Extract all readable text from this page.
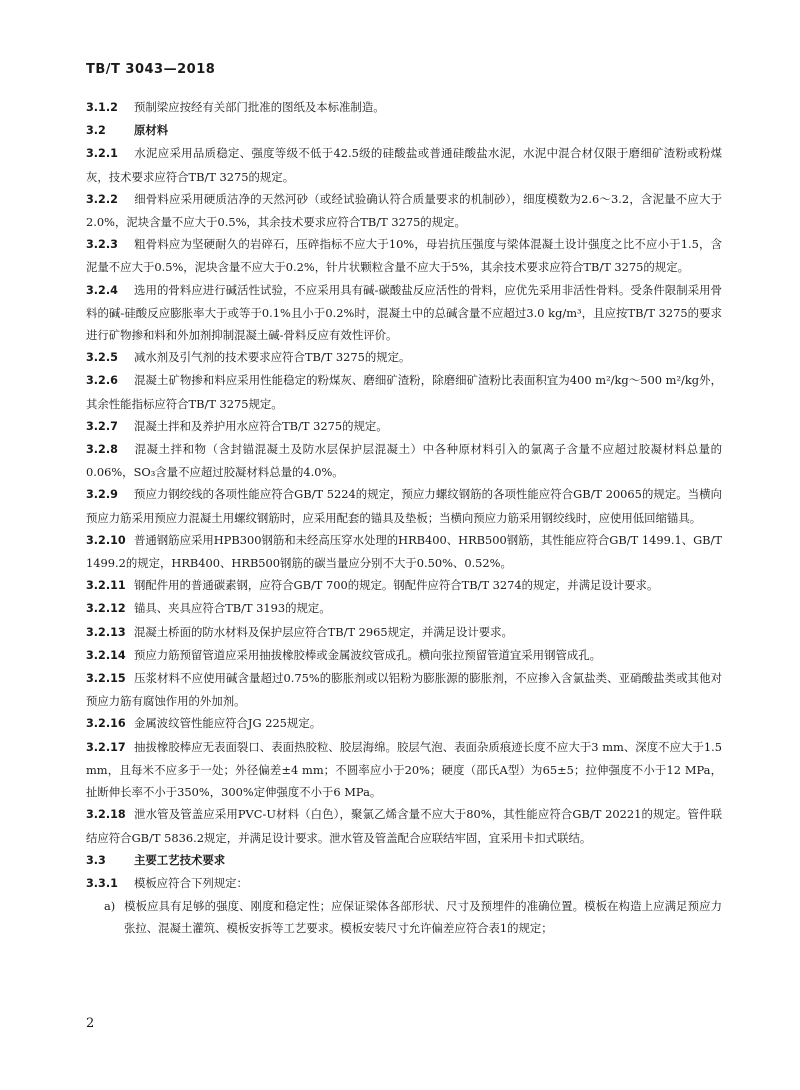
TB/T 3043—2018

3.1.2 预制梁应按经有关部门批准的图纸及本标准制造。

3.2 原材料

3.2.1 水泥应采用品质稳定、强度等级不低于42.5级的硅酸盐或普通硅酸盐水泥，水泥中混合材仅限于磨细矿渣粉或粉煤灰，技术要求应符合TB/T 3275的规定。

3.2.2 细骨料应采用硬质洁净的天然河砂（或经试验确认符合质量要求的机制砂），细度模数为2.6～3.2，含泥量不应大于2.0%，泥块含量不应大于0.5%，其余技术要求应符合TB/T 3275的规定。

3.2.3 粗骨料应为坚硬耐久的岩碎石，压碎指标不应大于10%，母岩抗压强度与梁体混凝土设计强度之比不应小于1.5，含泥量不应大于0.5%，泥块含量不应大于0.2%，针片状颗粒含量不应大于5%，其余技术要求应符合TB/T 3275的规定。

3.2.4 选用的骨料应进行碱活性试验，不应采用具有碱-碳酸盐反应活性的骨料，应优先采用非活性骨料。受条件限制采用骨料的碱-硅酸反应膨胀率大于或等于0.1%且小于0.2%时，混凝土中的总碱含量不应超过3.0 kg/m³，且应按TB/T 3275的要求进行矿物掺和料和外加剂抑制混凝土碱-骨料反应有效性评价。

3.2.5 减水剂及引气剂的技术要求应符合TB/T 3275的规定。

3.2.6 混凝土矿物掺和料应采用性能稳定的粉煤灰、磨细矿渣粉，除磨细矿渣粉比表面积宜为400 m²/kg～500 m²/kg外，其余性能指标应符合TB/T 3275规定。

3.2.7 混凝土拌和及养护用水应符合TB/T 3275的规定。

3.2.8 混凝土拌和物（含封锚混凝土及防水层保护层混凝土）中各种原材料引入的氯离子含量不应超过胶凝材料总量的0.06%，SO₃含量不应超过胶凝材料总量的4.0%。

3.2.9 预应力钢绞线的各项性能应符合GB/T 5224的规定，预应力螺纹钢筋的各项性能应符合GB/T 20065的规定。当横向预应力筋采用预应力混凝土用螺纹钢筋时，应采用配套的锚具及垫板；当横向预应力筋采用钢绞线时，应使用低回缩锚具。

3.2.10 普通钢筋应采用HPB300钢筋和未经高压穿水处理的HRB400、HRB500钢筋，其性能应符合GB/T 1499.1、GB/T 1499.2的规定，HRB400、HRB500钢筋的碳当量应分别不大于0.50%、0.52%。

3.2.11 钢配件用的普通碳素钢，应符合GB/T 700的规定。钢配件应符合TB/T 3274的规定，并满足设计要求。

3.2.12 锚具、夹具应符合TB/T 3193的规定。

3.2.13 混凝土桥面的防水材料及保护层应符合TB/T 2965规定，并满足设计要求。

3.2.14 预应力筋预留管道应采用抽拔橡胶棒或金属波纹管成孔。横向张拉预留管道宜采用钢管成孔。

3.2.15 压浆材料不应使用碱含量超过0.75%的膨胀剂或以铝粉为膨胀源的膨胀剂，不应掺入含氯盐类、亚硝酸盐类或其他对预应力筋有腐蚀作用的外加剂。

3.2.16 金属波纹管性能应符合JG 225规定。

3.2.17 抽拔橡胶棒应无表面裂口、表面热胶粒、胶层海绵。胶层气泡、表面杂质痕迹长度不应大于3 mm、深度不应大于1.5 mm，且每米不应多于一处；外径偏差±4 mm；不圆率应小于20%；硬度（邵氏A型）为65±5；拉伸强度不小于12 MPa，扯断伸长率不小于350%，300%定伸强度不小于6 MPa。

3.2.18 泄水管及管盖应采用PVC-U材料（白色），聚氯乙烯含量不应大于80%，其性能应符合GB/T 20221的规定。管件联结应符合GB/T 5836.2规定，并满足设计要求。泄水管及管盖配合应联结牢固，宜采用卡扣式联结。

3.3 主要工艺技术要求

3.3.1 模板应符合下列规定：

a) 模板应具有足够的强度、刚度和稳定性；应保证梁体各部形状、尺寸及预埋件的准确位置。模板在构造上应满足预应力张拉、混凝土灌筑、模板安拆等工艺要求。模板安装尺寸允许偏差应符合表1的规定；

2
